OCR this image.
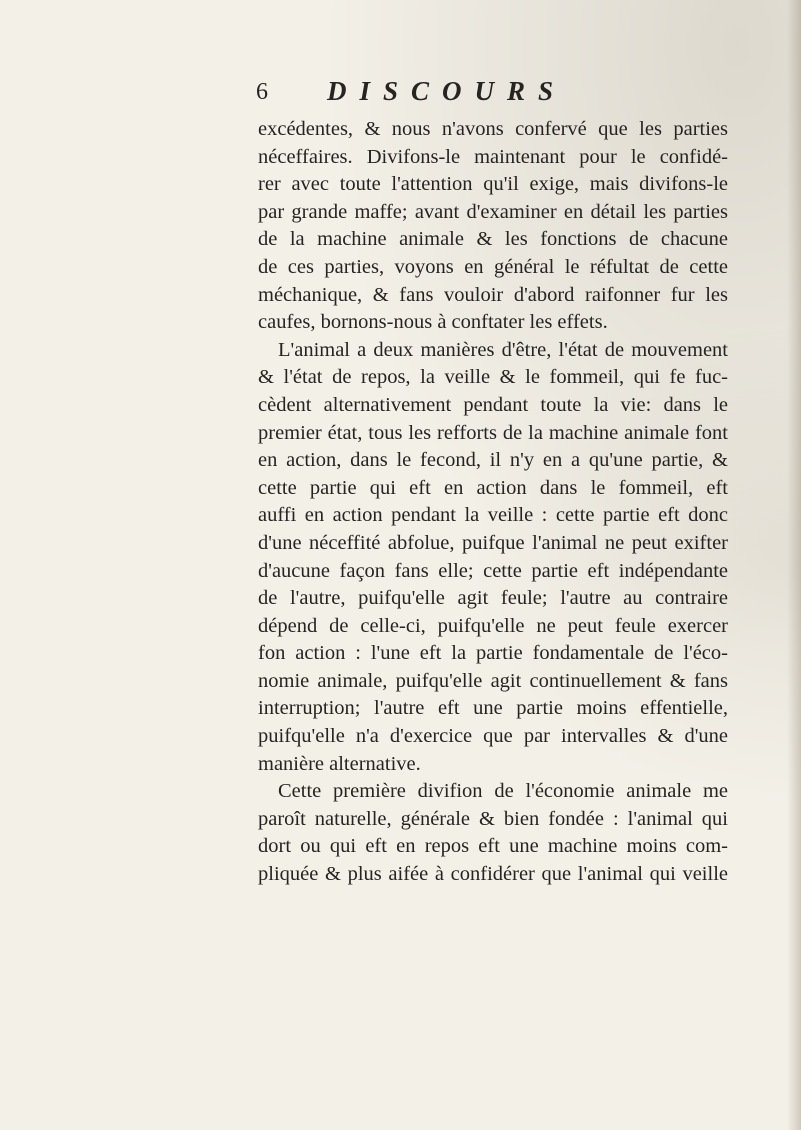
6 DISCOURS
excédentes, & nous n'avons confervé que les parties
néceffaires. Divifons-le maintenant pour le confidé-
rer avec toute l'attention qu'il exige, mais divifons-le
par grande maffe; avant d'examiner en détail les parties
de la machine animale & les fonctions de chacune
de ces parties, voyons en général le réfultat de cette
méchanique, & fans vouloir d'abord raifonner fur les
caufes, bornons-nous à conftater les effets.
L'animal a deux manières d'être, l'état de mouvement
& l'état de repos, la veille & le fommeil, qui fe fuc-
cèdent alternativement pendant toute la vie: dans le
premier état, tous les refforts de la machine animale font
en action, dans le fecond, il n'y en a qu'une partie, &
cette partie qui eft en action dans le fommeil, eft
auffi en action pendant la veille : cette partie eft donc
d'une néceffité abfolue, puifque l'animal ne peut exifter
d'aucune façon fans elle; cette partie eft indépendante
de l'autre, puifqu'elle agit feule; l'autre au contraire
dépend de celle-ci, puifqu'elle ne peut feule exercer
fon action : l'une eft la partie fondamentale de l'éco-
nomie animale, puifqu'elle agit continuellement & fans
interruption; l'autre eft une partie moins effentielle,
puifqu'elle n'a d'exercice que par intervalles & d'une
manière alternative.
Cette première divifion de l'économie animale me
paroît naturelle, générale & bien fondée : l'animal qui
dort ou qui eft en repos eft une machine moins com-
pliquée & plus aifée à confidérer que l'animal qui veille
